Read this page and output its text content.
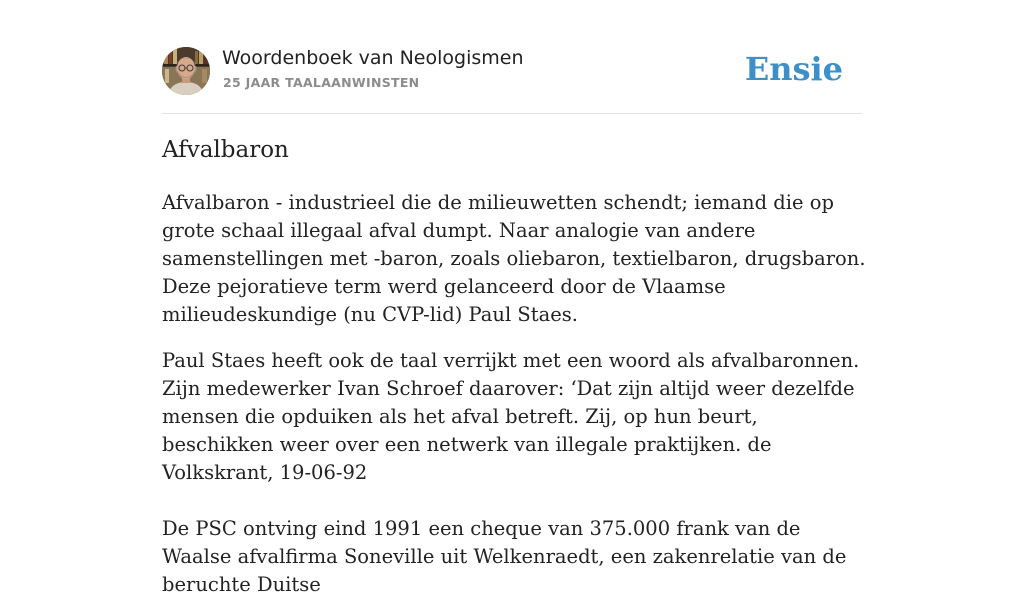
Woordenboek van Neologismen
25 JAAR TAALAANWINSTEN	Ensie
Afvalbaron

Afvalbaron - industrieel die de milieuwetten schendt; iemand die op grote schaal illegaal afval dumpt. Naar analogie van andere samenstellingen met -baron, zoals oliebaron, textielbaron, drugsbaron. Deze pejoratieve term werd gelanceerd door de Vlaamse milieudeskundige (nu CVP-lid) Paul Staes.

Paul Staes heeft ook de taal verrijkt met een woord als afvalbaronnen. Zijn medewerker Ivan Schroef daarover: ‘Dat zijn altijd weer dezelfde mensen die opduiken als het afval betreft. Zij, op hun beurt, beschikken weer over een netwerk van illegale praktijken. de Volkskrant, 19-06-92

De PSC ontving eind 1991 een cheque van 375.000 frank van de Waalse afvalfirma Soneville uit Welkenraedt, een zakenrelatie van de beruchte Duitse
